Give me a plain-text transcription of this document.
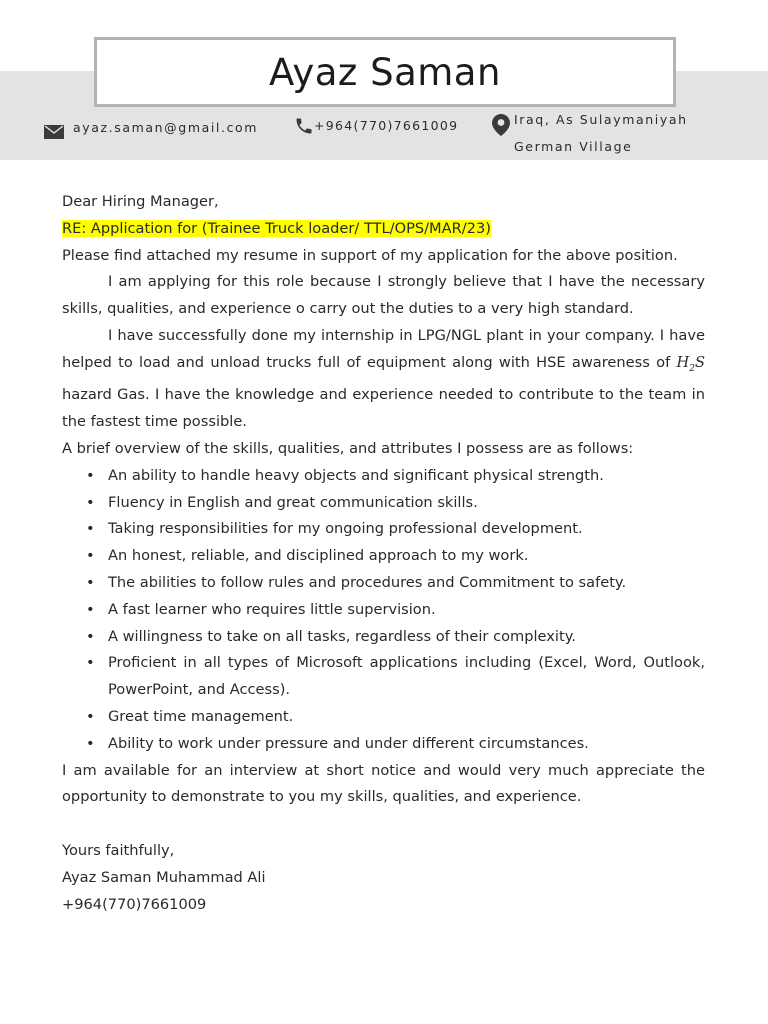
Ayaz Saman
ayaz.saman@gmail.com	+964(770)7661009	Iraq, As Sulaymaniyah German Village

Dear Hiring Manager,

RE: Application for (Trainee Truck loader/ TTL/OPS/MAR/23)

Please find attached my resume in support of my application for the above position.

I am applying for this role because I strongly believe that I have the necessary skills, qualities, and experience o carry out the duties to a very high standard.

I have successfully done my internship in LPG/NGL plant in your company. I have helped to load and unload trucks full of equipment along with HSE awareness of $H_2S$ hazard Gas. I have the knowledge and experience needed to contribute to the team in the fastest time possible.

A brief overview of the skills, qualities, and attributes I possess are as follows:

• An ability to handle heavy objects and significant physical strength.
• Fluency in English and great communication skills.
• Taking responsibilities for my ongoing professional development.
• An honest, reliable, and disciplined approach to my work.
• The abilities to follow rules and procedures and Commitment to safety.
• A fast learner who requires little supervision.
• A willingness to take on all tasks, regardless of their complexity.
• Proficient in all types of Microsoft applications including (Excel, Word, Outlook, PowerPoint, and Access).
• Great time management.
• Ability to work under pressure and under different circumstances.

I am available for an interview at short notice and would very much appreciate the opportunity to demonstrate to you my skills, qualities, and experience.

Yours faithfully,

Ayaz Saman Muhammad Ali

+964(770)7661009
